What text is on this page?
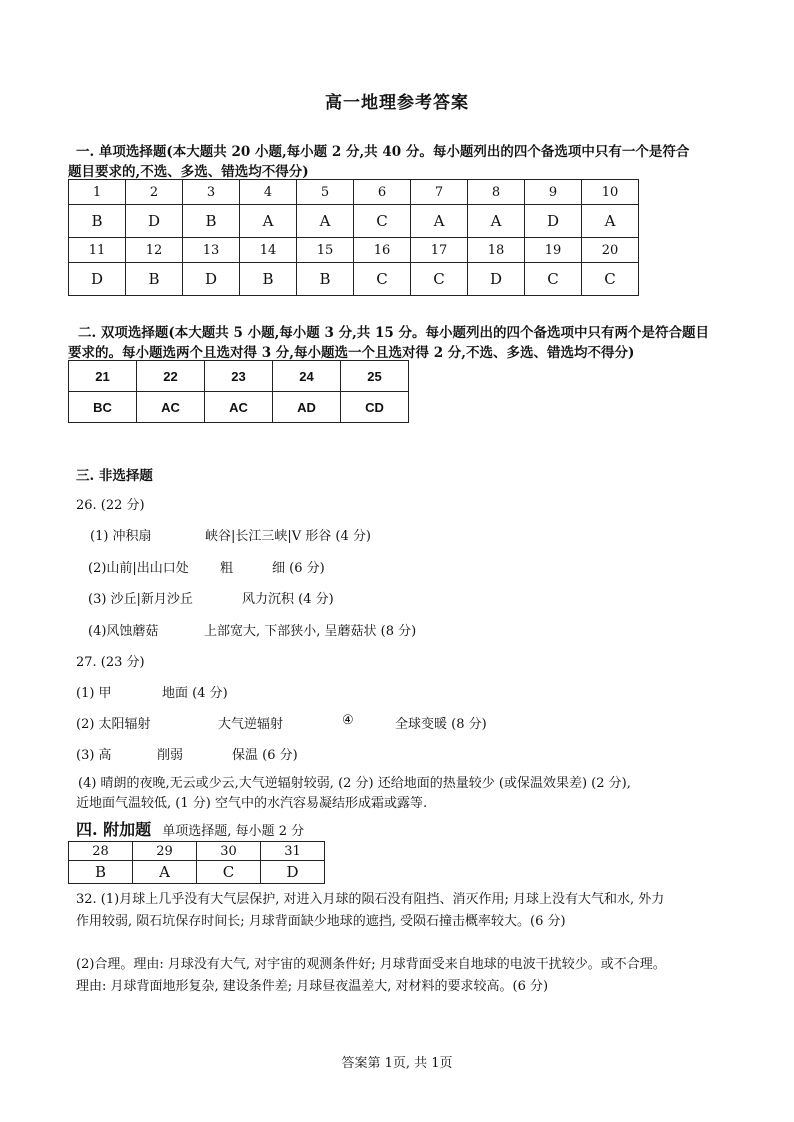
高一地理参考答案
一. 单项选择题(本大题共 20 小题,每小题 2 分,共 40 分。每小题列出的四个备选项中只有一个是符合
题目要求的,不选、多选、错选均不得分)
1	2	3	4	5	6	7	8	9	10
B	D	B	A	A	C	A	A	D	A
11	12	13	14	15	16	17	18	19	20
D	B	D	B	B	C	C	D	C	C
二. 双项选择题(本大题共 5 小题,每小题 3 分,共 15 分。每小题列出的四个备选项中只有两个是符合题目
要求的。每小题选两个且选对得 3 分,每小题选一个且选对得 2 分,不选、多选、错选均不得分)
21	22	23	24	25
BC	AC	AC	AD	CD
三. 非选择题
26. (22 分)
(1) 冲积扇	峡谷|长江三峡|V 形谷 (4 分)
(2)山前|出山口处 粗	细 (6 分)
(3) 沙丘|新月沙丘	风力沉积 (4 分)
(4)风蚀蘑菇	上部宽大, 下部狭小, 呈蘑菇状 (8 分)
27. (23 分)
(1) 甲	地面 (4 分)
(2) 太阳辐射	大气逆辐射	④	全球变暖 (8 分)
(3) 高	削弱	保温 (6 分)
(4) 晴朗的夜晚,无云或少云,大气逆辐射较弱, (2 分) 还给地面的热量较少 (或保温效果差) (2 分),
近地面气温较低, (1 分) 空气中的水汽容易凝结形成霜或露等.
四. 附加题 单项选择题, 每小题 2 分
28	29	30	31
B	A	C	D
32. (1)月球上几乎没有大气层保护, 对进入月球的陨石没有阻挡、消灭作用; 月球上没有大气和水, 外力
作用较弱, 陨石坑保存时间长; 月球背面缺少地球的遮挡, 受陨石撞击概率较大。(6 分)
(2)合理。理由: 月球没有大气, 对宇宙的观测条件好; 月球背面受来自地球的电波干扰较少。或不合理。
理由: 月球背面地形复杂, 建设条件差; 月球昼夜温差大, 对材料的要求较高。(6 分)
答案第 1页, 共 1页
